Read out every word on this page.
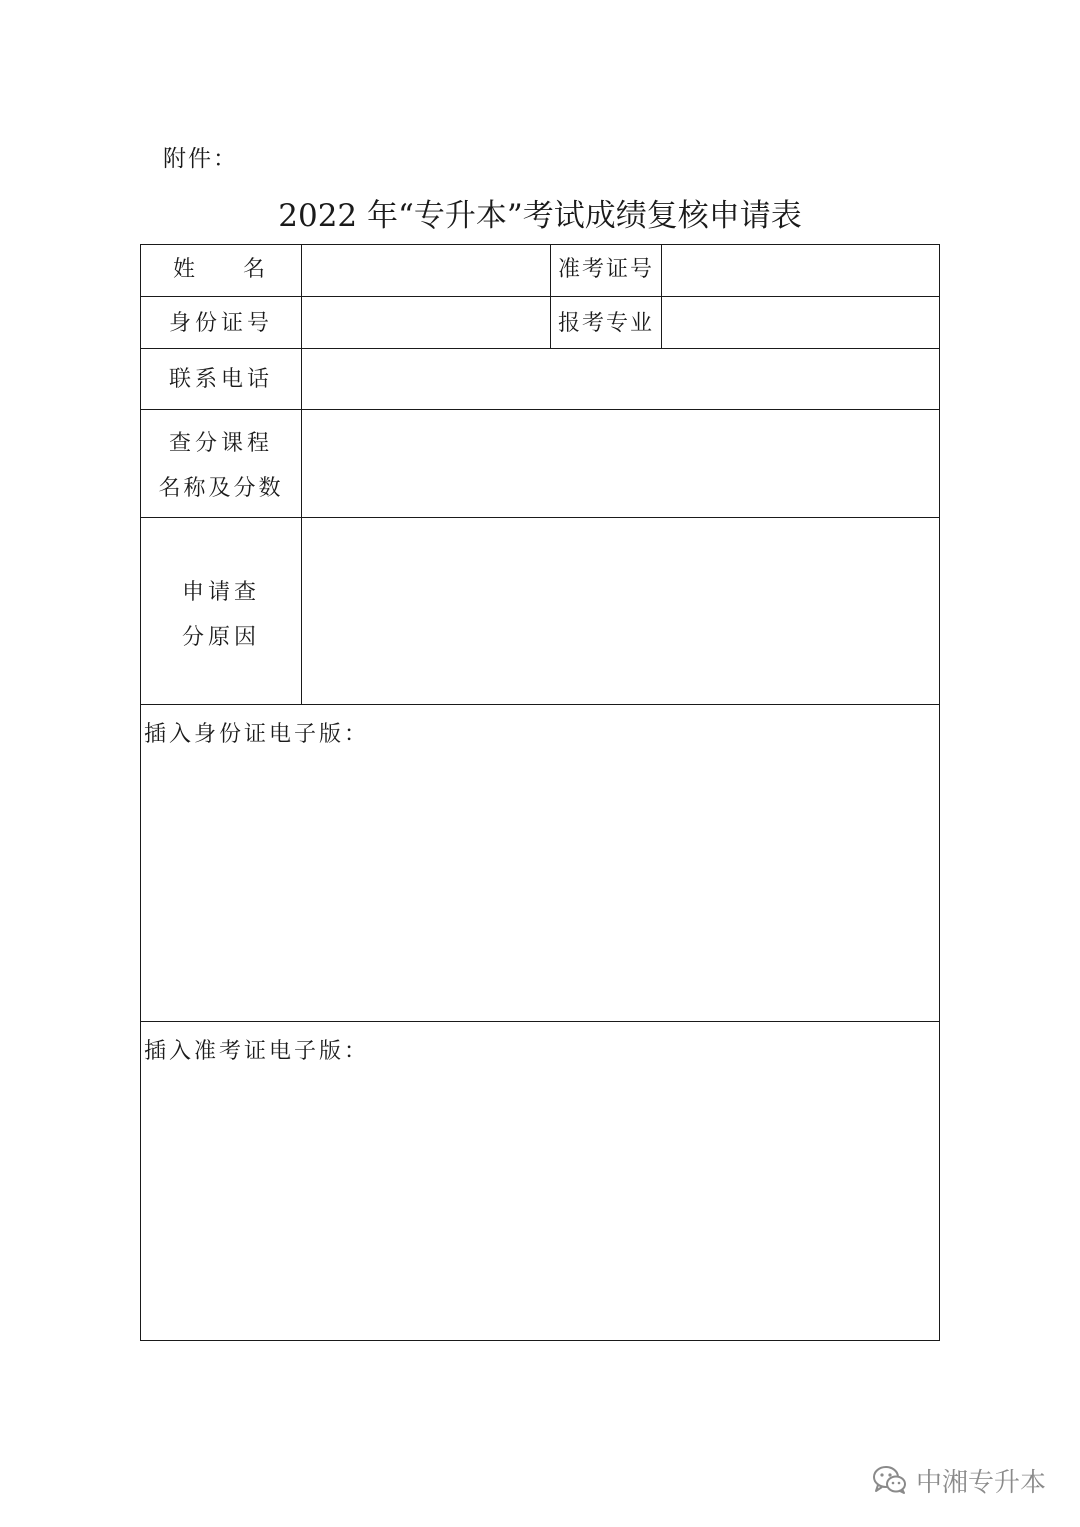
附件：
2022 年“专升本”考试成绩复核申请表
姓    名	准考证号
身份证号	报考专业
联系电话
查分课程
名称及分数
申请查
分原因
插入身份证电子版：
插入准考证电子版：
中湘专升本
